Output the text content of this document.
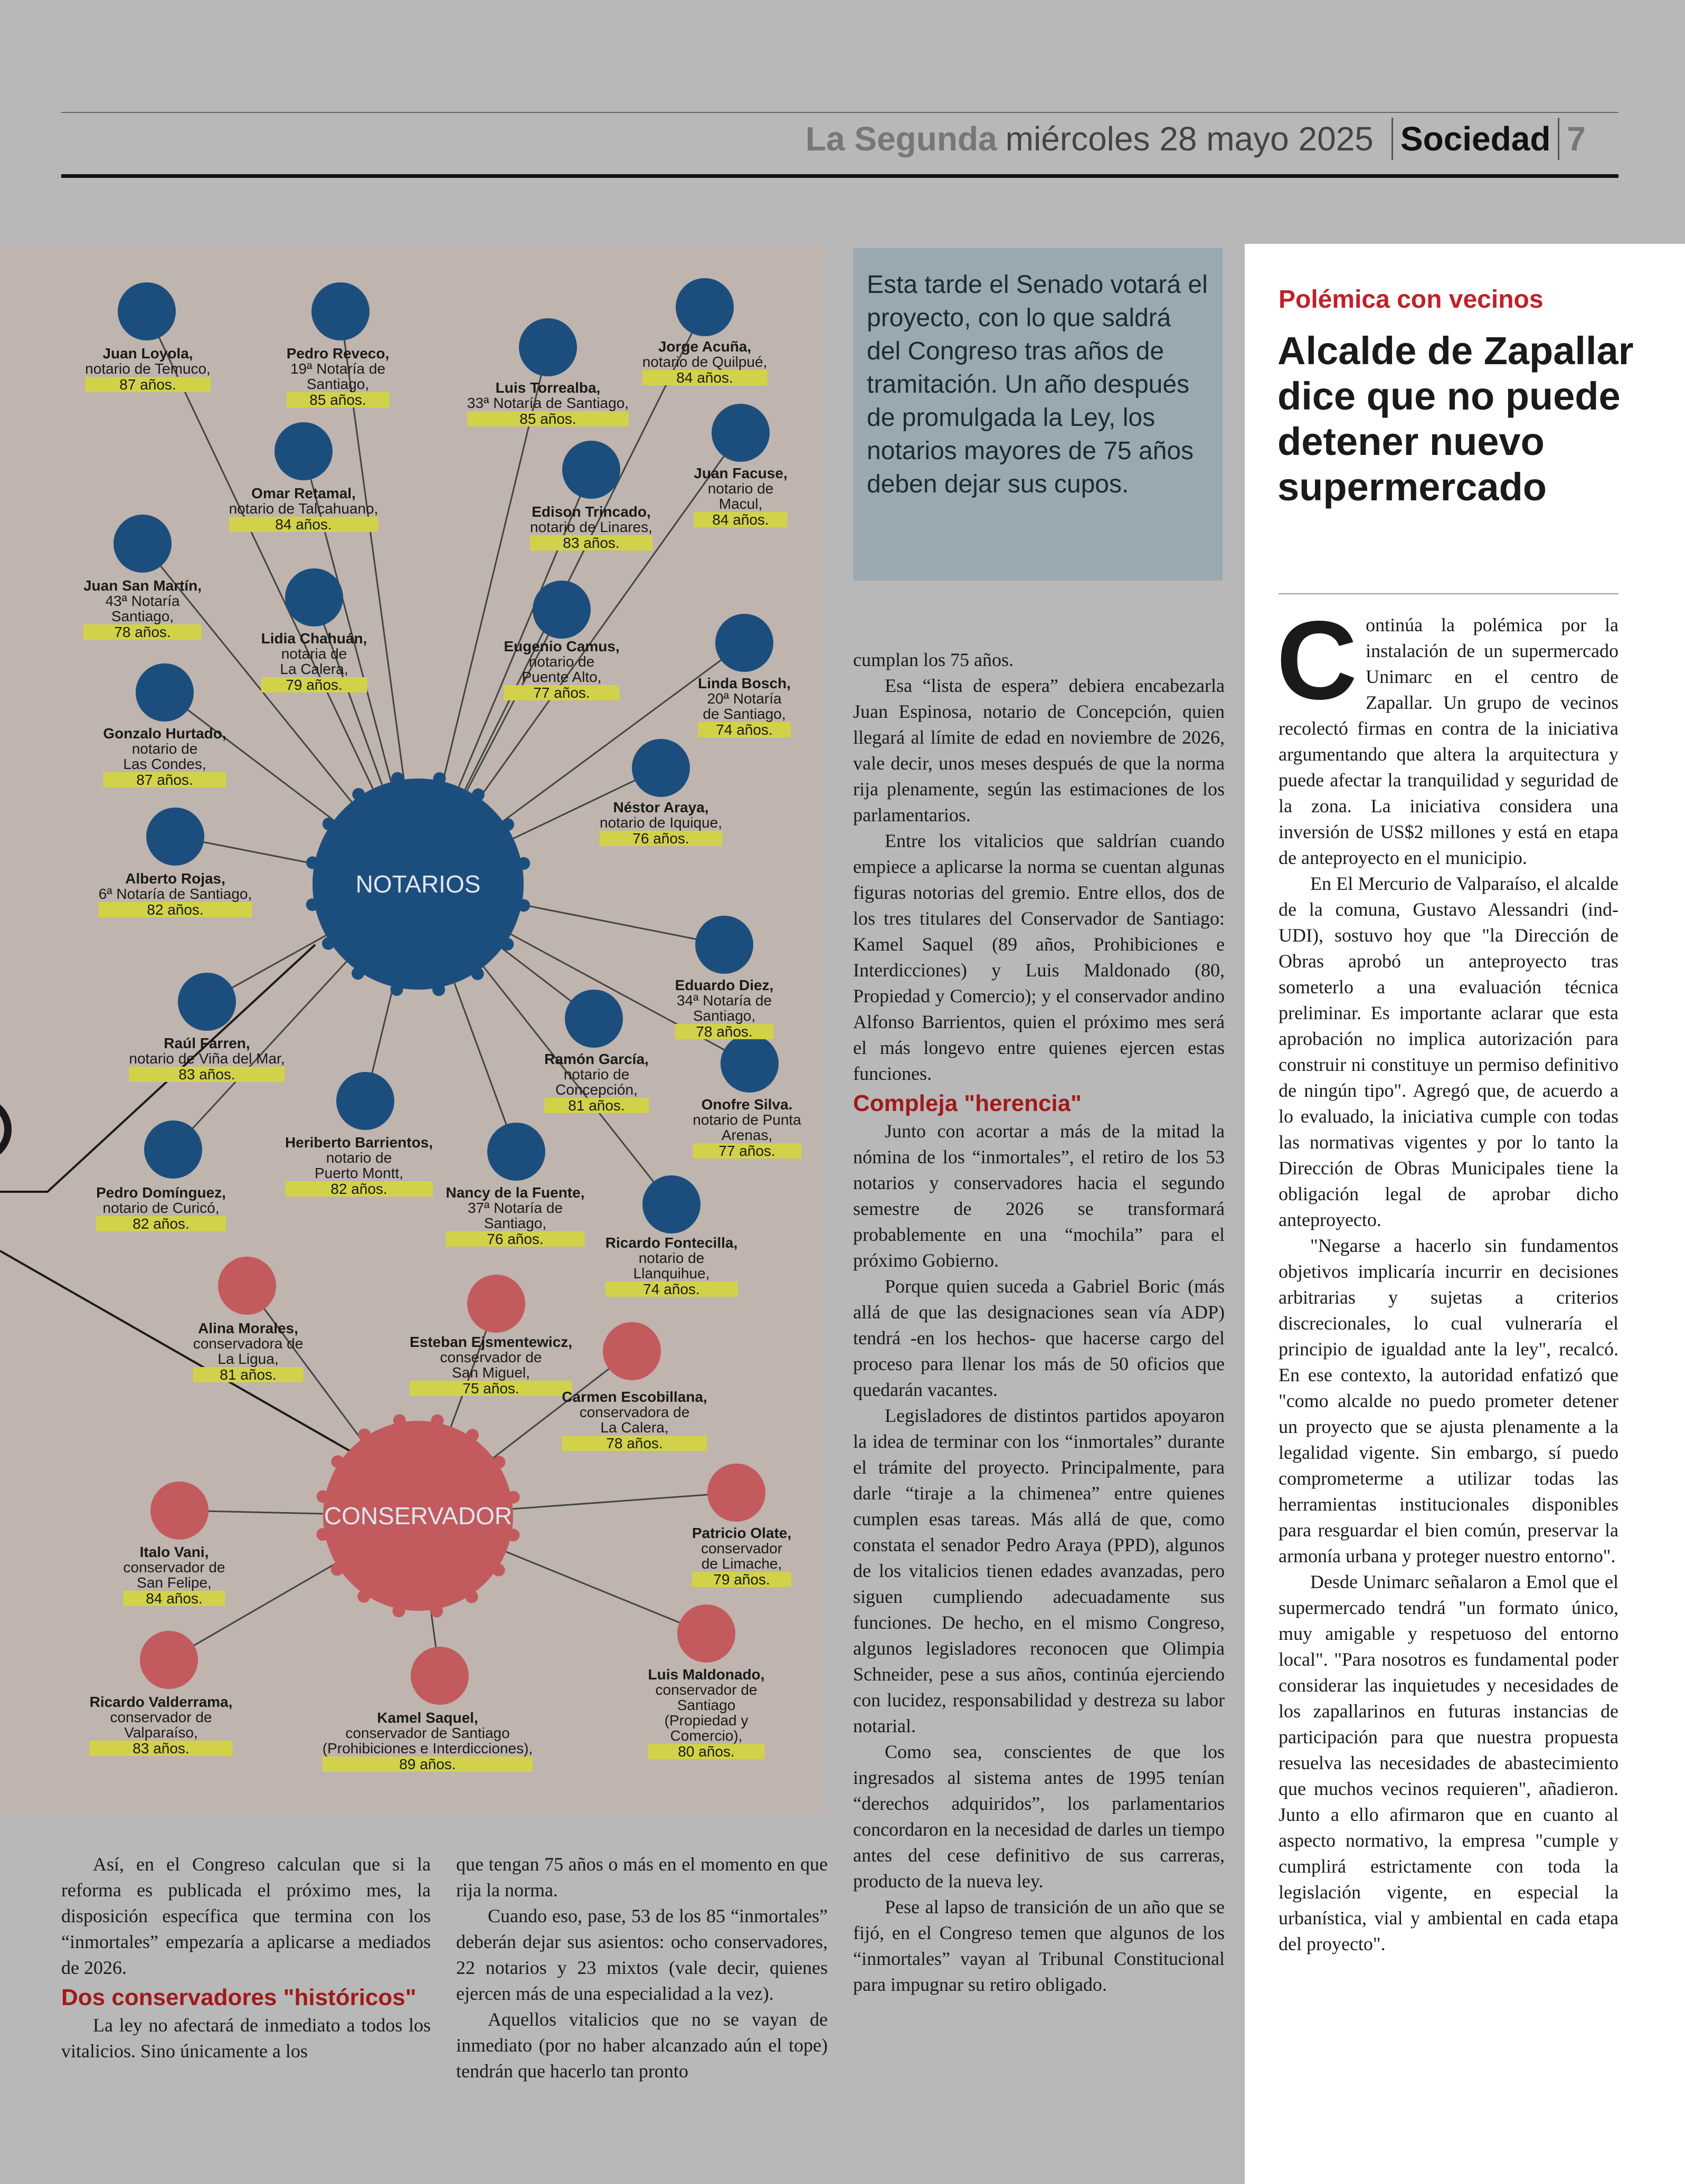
La Segunda miércoles 28 mayo 2025 Sociedad 7
NOTARIOS
CONSERVADOR
Juan Loyola,
notario de Temuco,
87 años.
Pedro Reveco,
19ª Notaría de
Santiago,
85 años.
Luis Torrealba,
33ª Notaría de Santiago,
85 años.
Jorge Acuña,
notario de Quilpué,
84 años.
Omar Retamal,
notario de Talcahuano,
84 años.
Edison Trincado,
notario de Linares,
83 años.
Juan Facuse,
notario de
Macul,
84 años.
Juan San Martín,
43ª Notaría
Santiago,
78 años.	Lidia Chahuán,
notaria de
La Calera,
79 años.
Eugenio Camus,
notario de
Puente Alto,
77 años.
Linda Bosch,
20ª Notaría
de Santiago,
74 años.
Gonzalo Hurtado,
notario de
Las Condes,
87 años.
Néstor Araya,
notario de Iquique,
76 años.
Alberto Rojas,
6ª Notaría de Santiago,
82 años.
Eduardo Diez,
34ª Notaría de
Santiago,
78 años.
Raúl Farren,
notario de Viña del Mar,
83 años.
Ramón García,
notario de
Concepción,
81 años.	Onofre Silva.
notario de Punta
Arenas,
77 años.
Heriberto Barrientos,
notario de
Puerto Montt,
82 años.
Pedro Domínguez,
notario de Curicó,
82 años.
Nancy de la Fuente,
37ª Notaría de
Santiago,
76 años.	Ricardo Fontecilla,
notario de
Llanquihue,
74 años.
Alina Morales,
conservadora de
La Ligua,
81 años.
Esteban Ejsmentewicz,
conservador de
San Miguel,
75 años.
Carmen Escobillana,
conservadora de
La Calera,
78 años.
Italo Vani,
conservador de
San Felipe,
84 años.
Patricio Olate,
conservador
de Limache,
79 años.
Ricardo Valderrama,
conservador de
Valparaíso,
83 años.
Kamel Saquel,
conservador de Santiago
(Prohibiciones e Interdicciones),
89 años.
Luis Maldonado,
conservador de
Santiago
(Propiedad y
Comercio),
80 años.
Esta tarde el Senado votará el proyecto, con lo que saldrá del Congreso tras años de tramitación. Un año después de promulgada la Ley, los notarios mayores de 75 años deben dejar sus cupos.

Así, en el Congreso calculan que si la reforma es publicada el próximo mes, la disposición específica que termina con los “inmortales” empezaría a aplicarse a mediados de 2026.

Dos conservadores "históricos"

La ley no afectará de inmediato a todos los vitalicios. Sino únicamente a los

que tengan 75 años o más en el momento en que rija la norma.

Cuando eso, pase, 53 de los 85 “inmortales” deberán dejar sus asientos: ocho conservadores, 22 notarios y 23 mixtos (vale decir, quienes ejercen más de una especialidad a la vez).

Aquellos vitalicios que no se vayan de inmediato (por no haber alcanzado aún el tope) tendrán que hacerlo tan pronto

cumplan los 75 años.

Esa “lista de espera” debiera encabezarla Juan Espinosa, notario de Concepción, quien llegará al límite de edad en noviembre de 2026, vale decir, unos meses después de que la norma rija plenamente, según las estimaciones de los parlamentarios.

Entre los vitalicios que saldrían cuando empiece a aplicarse la norma se cuentan algunas figuras notorias del gremio. Entre ellos, dos de los tres titulares del Conservador de Santiago: Kamel Saquel (89 años, Prohibiciones e Interdicciones) y Luis Maldonado (80, Propiedad y Comercio); y el conservador andino Alfonso Barrientos, quien el próximo mes será el más longevo entre quienes ejercen estas funciones.

Compleja "herencia"

Junto con acortar a más de la mitad la nómina de los “inmortales”, el retiro de los 53 notarios y conservadores hacia el segundo semestre de 2026 se transformará probablemente en una “mochila” para el próximo Gobierno.

Porque quien suceda a Gabriel Boric (más allá de que las designaciones sean vía ADP) tendrá -en los hechos- que hacerse cargo del proceso para llenar los más de 50 oficios que quedarán vacantes.

Legisladores de distintos partidos apoyaron la idea de terminar con los “inmortales” durante el trámite del proyecto. Principalmente, para darle “tiraje a la chimenea” entre quienes cumplen esas tareas. Más allá de que, como constata el senador Pedro Araya (PPD), algunos de los vitalicios tienen edades avanzadas, pero siguen cumpliendo adecuadamente sus funciones. De hecho, en el mismo Congreso, algunos legisladores reconocen que Olimpia Schneider, pese a sus años, continúa ejerciendo con lucidez, responsabilidad y destreza su labor notarial.

Como sea, conscientes de que los ingresados al sistema antes de 1995 tenían “derechos adquiridos”, los parlamentarios concordaron en la necesidad de darles un tiempo antes del cese definitivo de sus carreras, producto de la nueva ley.

Pese al lapso de transición de un año que se fijó, en el Congreso temen que algunos de los “inmortales” vayan al Tribunal Constitucional para impugnar su retiro obligado.

Polémica con vecinos
Alcalde de Zapallar dice que no puede detener nuevo supermercado
C ontinúa la polémica por la instalación de un supermercado Unimarc en el centro de Zapallar. Un grupo de vecinos recolectó firmas en contra de la iniciativa argumentando que altera la arquitectura y puede afectar la tranquilidad y seguridad de la zona. La iniciativa considera una inversión de US$2 millones y está en etapa de anteproyecto en el municipio.

En El Mercurio de Valparaíso, el alcalde de la comuna, Gustavo Alessandri (ind-UDI), sostuvo hoy que "la Dirección de Obras aprobó un anteproyecto tras someterlo a una evaluación técnica preliminar. Es importante aclarar que esta aprobación no implica autorización para construir ni constituye un permiso definitivo de ningún tipo". Agregó que, de acuerdo a lo evaluado, la iniciativa cumple con todas las normativas vigentes y por lo tanto la Dirección de Obras Municipales tiene la obligación legal de aprobar dicho anteproyecto.

"Negarse a hacerlo sin fundamentos objetivos implicaría incurrir en decisiones arbitrarias y sujetas a criterios discrecionales, lo cual vulneraría el principio de igualdad ante la ley", recalcó. En ese contexto, la autoridad enfatizó que "como alcalde no puedo prometer detener un proyecto que se ajusta plenamente a la legalidad vigente. Sin embargo, sí puedo comprometerme a utilizar todas las herramientas institucionales disponibles para resguardar el bien común, preservar la armonía urbana y proteger nuestro entorno".

Desde Unimarc señalaron a Emol que el supermercado tendrá "un formato único, muy amigable y respetuoso del entorno local". "Para nosotros es fundamental poder considerar las inquietudes y necesidades de los zapallarinos en futuras instancias de participación para que nuestra propuesta resuelva las necesidades de abastecimiento que muchos vecinos requieren", añadieron. Junto a ello afirmaron que en cuanto al aspecto normativo, la empresa "cumple y cumplirá estrictamente con toda la legislación vigente, en especial la urbanística, vial y ambiental en cada etapa del proyecto".
